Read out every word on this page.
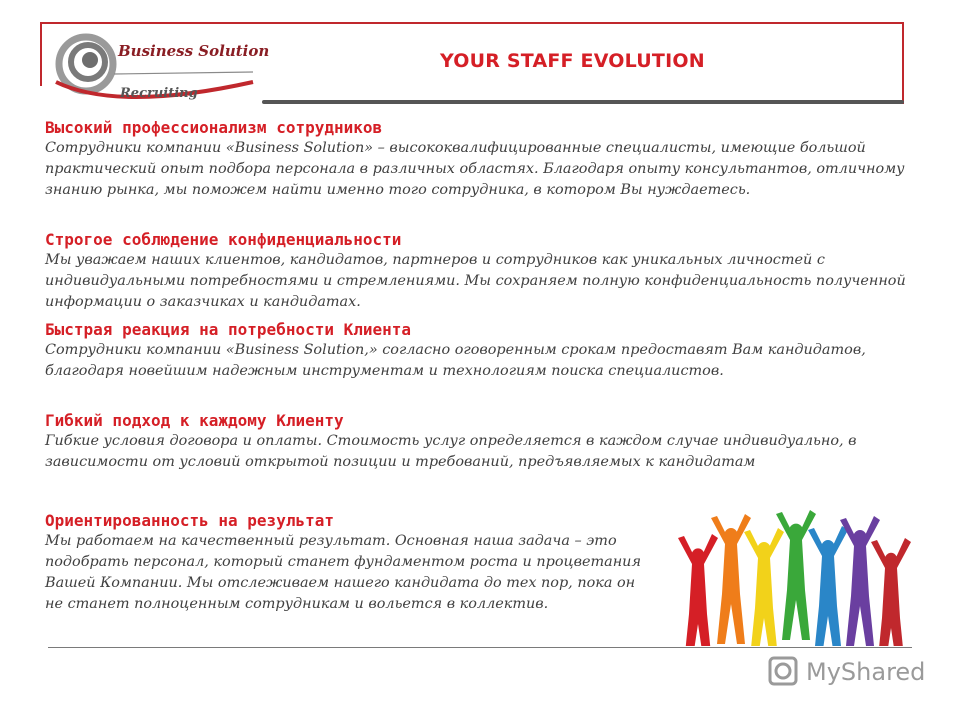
Business Solution
Recruiting
YOUR STAFF EVOLUTION
Высокий профессионализм сотрудников
Сотрудники компании «Business Solution» – высококвалифицированные специалисты, имеющие большой практический опыт подбора персонала в различных областях. Благодаря опыту консультантов, отличному знанию рынка, мы поможем найти именно того сотрудника, в котором Вы нуждаетесь.
Строгое соблюдение конфиденциальности
Мы уважаем наших клиентов, кандидатов, партнеров и сотрудников как уникальных личностей с индивидуальными потребностями и стремлениями. Мы сохраняем полную конфиденциальность полученной информации о заказчиках и кандидатах.
Быстрая реакция на потребности Клиента
Сотрудники компании «Business Solution,» согласно оговоренным срокам предоставят Вам кандидатов, благодаря новейшим надежным инструментам и технологиям поиска специалистов.
Гибкий подход к каждому Клиенту
Гибкие условия договора и оплаты. Стоимость услуг определяется в каждом случае индивидуально, в зависимости от условий открытой позиции и требований, предъявляемых к кандидатам
Ориентированность на результат
Мы работаем на качественный результат. Основная наша задача – это подобрать персонал, который станет фундаментом роста и процветания Вашей Компании. Мы отслеживаем нашего кандидата до тех пор, пока он не станет полноценным сотрудникам и вольется в коллектив.
MyShared
